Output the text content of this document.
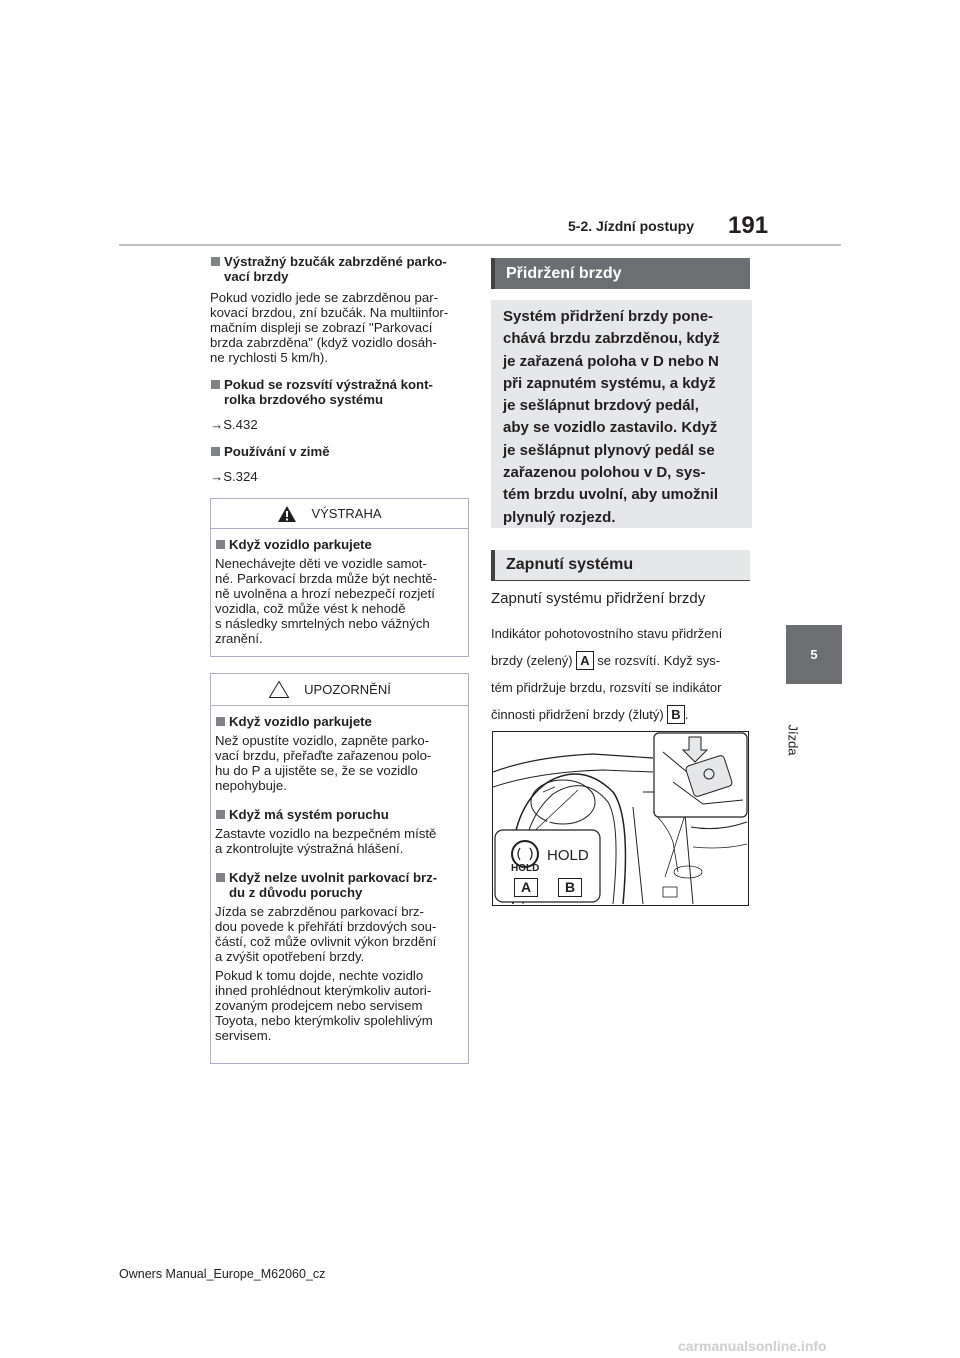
5-2. Jízdní postupy 191
5
Jízda
Výstražný bzučák zabrzděné parko-
vací brzdy
Pokud vozidlo jede se zabrzděnou par-
kovací brzdou, zní bzučák. Na multiinfor-
mačním displeji se zobrazí "Parkovací
brzda zabrzděna" (když vozidlo dosáh-
ne rychlosti 5 km/h).
Pokud se rozsvítí výstražná kont-
rolka brzdového systému
→S.432
Používání v zimě
→S.324
VÝSTRAHA
Když vozidlo parkujete
Nenechávejte děti ve vozidle samot-
né. Parkovací brzda může být nechtě-
ně uvolněna a hrozí nebezpečí rozjetí
vozidla, což může vést k nehodě
s následky smrtelných nebo vážných
zranění.
UPOZORNĚNÍ
Když vozidlo parkujete
Než opustíte vozidlo, zapněte parko-
vací brzdu, přeřaďte zařazenou polo-
hu do P a ujistěte se, že se vozidlo
nepohybuje.
Když má systém poruchu
Zastavte vozidlo na bezpečném místě
a zkontrolujte výstražná hlášení.
Když nelze uvolnit parkovací brz-
du z důvodu poruchy
Jízda se zabrzděnou parkovací brz-
dou povede k přehřátí brzdových sou-
částí, což může ovlivnit výkon brzdění
a zvýšit opotřebení brzdy.
Pokud k tomu dojde, nechte vozidlo
ihned prohlédnout kterýmkoliv autori-
zovaným prodejcem nebo servisem
Toyota, nebo kterýmkoliv spolehlivým
servisem.
Přidržení brzdy
Systém přidržení brzdy pone-
chává brzdu zabrzděnou, když
je zařazená poloha v D nebo N
při zapnutém systému, a když
je sešlápnut brzdový pedál,
aby se vozidlo zastavilo. Když
je sešlápnut plynový pedál se
zařazenou polohou v D, sys-
tém brzdu uvolní, aby umožnil
plynulý rozjezd.
Zapnutí systému
Zapnutí systému přidržení brzdy
Indikátor pohotovostního stavu přidržení
brzdy (zelený) A se rozsvítí. Když sys-
tém přidržuje brzdu, rozsvítí se indikátor
činnosti přidržení brzdy (žlutý) B .
HOLD
HOLD
A	B
Owners Manual_Europe_M62060_cz
carmanualsonline.info
